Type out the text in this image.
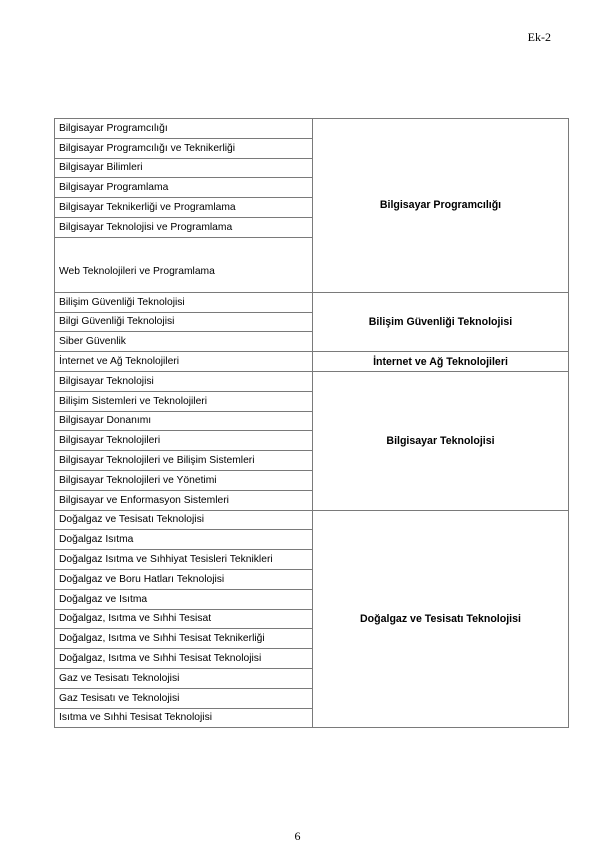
Ek-2
Bilgisayar Programcılığı	Bilgisayar Programcılığı
Bilgisayar Programcılığı ve Teknikerliği	
Bilgisayar Bilimleri	
Bilgisayar Programlama	
Bilgisayar Teknikerliği ve Programlama	
Bilgisayar Teknolojisi ve Programlama	
Web Teknolojileri ve Programlama	
Bilişim Güvenliği Teknolojisi	Bilişim Güvenliği Teknolojisi
Bilgi Güvenliği Teknolojisi	
Siber Güvenlik	
İnternet ve Ağ Teknolojileri	İnternet ve Ağ Teknolojileri
Bilgisayar Teknolojisi	Bilgisayar Teknolojisi
Bilişim Sistemleri ve Teknolojileri	
Bilgisayar Donanımı	
Bilgisayar Teknolojileri	
Bilgisayar Teknolojileri ve Bilişim Sistemleri	
Bilgisayar Teknolojileri ve Yönetimi	
Bilgisayar ve Enformasyon Sistemleri	
Doğalgaz ve Tesisatı Teknolojisi	Doğalgaz ve Tesisatı Teknolojisi
Doğalgaz Isıtma	
Doğalgaz Isıtma ve Sıhhiyat Tesisleri Teknikleri	
Doğalgaz ve Boru Hatları Teknolojisi	
Doğalgaz ve Isıtma	
Doğalgaz, Isıtma ve Sıhhi Tesisat	
Doğalgaz, Isıtma ve Sıhhi Tesisat Teknikerliği	
Doğalgaz, Isıtma ve Sıhhi Tesisat Teknolojisi	
Gaz ve Tesisatı Teknolojisi	
Gaz Tesisatı ve Teknolojisi	
Isıtma ve Sıhhi Tesisat Teknolojisi	
6
